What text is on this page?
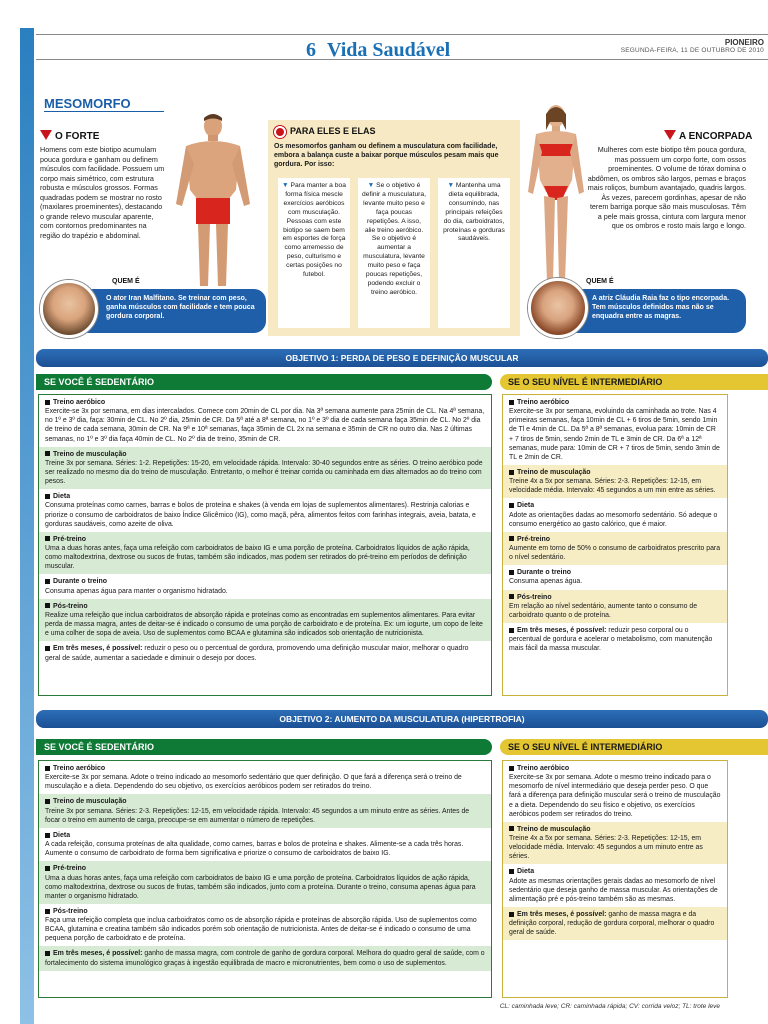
6 Vida Saudável	PIONEIRO
SEGUNDA-FEIRA, 11 DE OUTUBRO DE 2010
MESOMORFO
O FORTE
Homens com este biotipo acumulam pouca gordura e ganham ou definem músculos com facilidade. Possuem um corpo mais simétrico, com estrutura robusta e músculos grossos. Formas quadradas podem se mostrar no rosto (maxilares proeminentes), destacando o grande relevo muscular aparente, com contornos predominantes na região do trapézio e abdominal.
QUEM É
O ator Iran Malfitano. Se treinar com peso, ganha músculos com facilidade e tem pouca gordura corporal.
PARA ELES E ELAS
Os mesomorfos ganham ou definem a musculatura com facilidade, embora a balança custe a baixar porque músculos pesam mais que gordura. Por isso:
▼ Para manter a boa forma física mescle exercícios aeróbicos com musculação. Pessoas com este biotipo se saem bem em esportes de força como arremesso de peso, culturismo e certas posições no futebol.
▼ Se o objetivo é definir a musculatura, levante muito peso e faça poucas repetições. A isso, alie treino aeróbico. Se o objetivo é aumentar a musculatura, levante muito peso e faça poucas repetições, podendo excluir o treino aeróbico.
▼ Mantenha uma dieta equilibrada, consumindo, nas principais refeições do dia, carboidratos, proteínas e gorduras saudáveis.
A ENCORPADA
Mulheres com este biotipo têm pouca gordura, mas possuem um corpo forte, com ossos proeminentes. O volume de tórax domina o abdômen, os ombros são largos, pernas e braços mais roliços, bumbum avantajado, quadris largos. Às vezes, parecem gordinhas, apesar de não terem barriga porque são mais musculosas. Têm a pele mais grossa, cintura com largura menor que os ombros e rosto mais largo e longo.
QUEM É
A atriz Cláudia Raia faz o tipo encorpada. Tem músculos definidos mas não se enquadra entre as magras.
OBJETIVO 1: PERDA DE PESO E DEFINIÇÃO MUSCULAR
SE VOCÊ É SEDENTÁRIO	SE O SEU NÍVEL É INTERMEDIÁRIO
Treino aeróbico
Exercite-se 3x por semana, em dias intercalados. Comece com 20min de CL por dia. Na 3ª semana aumente para 25min de CL. Na 4ª semana, no 1º e 3º dia, faça: 30min de CL. No 2º dia, 25min de CR. Da 5ª até a 8ª semana, no 1º e 3º dia de cada semana faça 35min de CL. No 2º dia de treino de cada semana, 30min de CR. Na 9ª e 10ª semanas, faça 35min de CL 2x na semana e 35min de CR no outro dia. Nas 2 últimas semanas, no 1º e 3º dia faça 40min de CL. No 2º dia de treino, 35min de CR.
Treino de musculação
Treine 3x por semana. Séries: 1-2. Repetições: 15-20, em velocidade rápida. Intervalo: 30-40 segundos entre as séries. O treino aeróbico pode ser realizado no mesmo dia do treino de musculação. Entretanto, o melhor é treinar corrida ou caminhada em dias alternados ao do treino com pesos.
Dieta
Consuma proteínas como carnes, barras e bolos de proteína e shakes (à venda em lojas de suplementos alimentares). Restrinja calorias e priorize o consumo de carboidratos de baixo Índice Glicêmico (IG), como maçã, pêra, alimentos feitos com farinhas integrais, aveia, batata, e gorduras saudáveis, como azeite de oliva.
Pré-treino
Uma a duas horas antes, faça uma refeição com carboidratos de baixo IG e uma porção de proteína. Carboidratos líquidos de ação rápida, como maltodextrina, dextrose ou sucos de frutas, também são indicados, mas podem ser retirados do pré-treino em períodos de definição muscular.
Durante o treino
Consuma apenas água para manter o organismo hidratado.
Pós-treino
Realize uma refeição que inclua carboidratos de absorção rápida e proteínas como as encontradas em suplementos alimentares. Para evitar perda de massa magra, antes de deitar-se é indicado o consumo de uma porção de carboidrato e de proteína. Ex: um iogurte, um copo de leite e uma colher de sopa de aveia. Uso de suplementos como BCAA e glutamina são indicados sob orientação de nutricionista.
Em três meses, é possível: reduzir o peso ou o percentual de gordura, promovendo uma definição muscular maior, melhorar o quadro geral de saúde, aumentar a saciedade e diminuir o desejo por doces.
Treino aeróbico
Exercite-se 3x por semana, evoluindo da caminhada ao trote. Nas 4 primeiras semanas, faça 10min de CL + 6 tiros de 5min, sendo 1min de Tl e 4min de CL. Da 5ª a 8ª semanas, evolua para: 10min de CR + 7 tiros de 5min, sendo 2min de TL e 3min de CR. Da 6ª a 12ª semanas, mude para: 10min de CR + 7 tiros de 5min, sendo 3min de TL e 2min de CR.
Treino de musculação
Treine 4x a 5x por semana. Séries: 2-3. Repetições: 12-15, em velocidade média. Intervalo: 45 segundos a um min entre as séries.
Dieta
Adote as orientações dadas ao mesomorfo sedentário. Só adeque o consumo energético ao gasto calórico, que é maior.
Pré-treino
Aumente em torno de 50% o consumo de carboidratos prescrito para o nível sedentário.
Durante o treino
Consuma apenas água.
Pós-treino
Em relação ao nível sedentário, aumente tanto o consumo de carboidrato quanto o de proteína.
Em três meses, é possível: reduzir peso corporal ou o percentual de gordura e acelerar o metabolismo, com manutenção mais fácil da massa muscular.
OBJETIVO 2: AUMENTO DA MUSCULATURA (HIPERTROFIA)
SE VOCÊ É SEDENTÁRIO	SE O SEU NÍVEL É INTERMEDIÁRIO
Treino aeróbico
Exercite-se 3x por semana. Adote o treino indicado ao mesomorfo sedentário que quer definição. O que fará a diferença será o treino de musculação e a dieta. Dependendo do seu objetivo, os exercícios aeróbicos podem ser retirados do treino.
Treino de musculação
Treine 3x por semana. Séries: 2-3. Repetições: 12-15, em velocidade rápida. Intervalo: 45 segundos a um minuto entre as séries. Antes de focar o treino em aumento de carga, preocupe-se em aumentar o número de repetições.
Dieta
A cada refeição, consuma proteínas de alta qualidade, como carnes, barras e bolos de proteína e shakes. Alimente-se a cada três horas. Aumente o consumo de carboidrato de forma bem significativa e priorize o consumo de carboidratos de baixo IG.
Pré-treino
Uma a duas horas antes, faça uma refeição com carboidratos de baixo IG e uma porção de proteína. Carboidratos líquidos de ação rápida, como maltodextrina, dextrose ou sucos de frutas, também são indicados, junto com a proteína. Durante o treino, consuma apenas água para manter o organismo hidratado.
Pós-treino
Faça uma refeição completa que inclua carboidratos como os de absorção rápida e proteínas de absorção rápida. Uso de suplementos como BCAA, glutamina e creatina também são indicados porém sob orientação de nutricionista. Antes de deitar-se é indicado o consumo de uma pequena porção de carboidrato e de proteína.
Em três meses, é possível: ganho de massa magra, com controle de ganho de gordura corporal. Melhora do quadro geral de saúde, com o fortalecimento do sistema imunológico graças à ingestão equilibrada de macro e micronutrientes, bem como o uso de suplementos.
Treino aeróbico
Exercite-se 3x por semana. Adote o mesmo treino indicado para o mesomorfo de nível intermediário que deseja perder peso. O que fará a diferença para definição muscular será o treino de musculação e a dieta. Dependendo do seu físico e objetivo, os exercícios aeróbicos podem ser retirados do treino.
Treino de musculação
Treine 4x a 5x por semana. Séries: 2-3. Repetições: 12-15, em velocidade média. Intervalo: 45 segundos a um minuto entre as séries.
Dieta
Adote as mesmas orientações gerais dadas ao mesomorfo de nível sedentário que deseja ganho de massa muscular. As orientações de alimentação pré e pós-treino também são as mesmas.
Em três meses, é possível: ganho de massa magra e da definição corporal, redução de gordura corporal, melhorar o quadro geral de saúde.
CL: caminhada leve; CR: caminhada rápida; CV: corrida veloz; TL: trote leve
